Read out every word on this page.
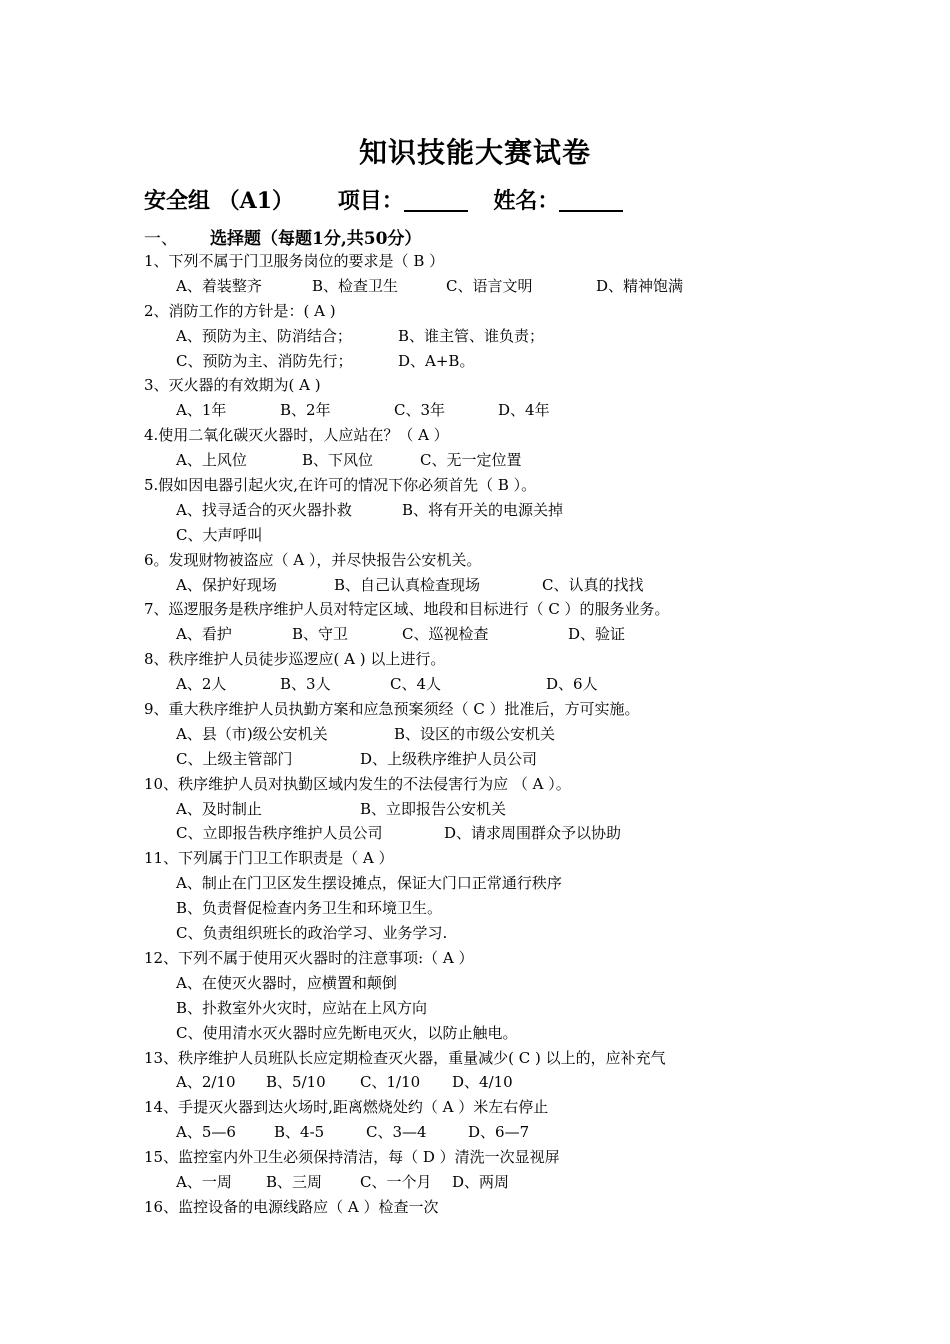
知识技能大赛试卷
安全组 （A1） 项目：	姓名：
一、 选择题（每题1分,共50分）
1、下列不属于门卫服务岗位的要求是（ B ）
A、着装整齐	B、检查卫生	C、语言文明	D、精神饱满
2、消防工作的方针是：( A )
A、预防为主、防消结合；	B、谁主管、谁负责；
C、预防为主、消防先行；	D、A+B。
3、灭火器的有效期为( A )
A、1年	B、2年	C、3年	D、4年
4.使用二氧化碳灭火器时，人应站在？（ A ）
A、上风位	B、下风位	C、无一定位置
5.假如因电器引起火灾,在许可的情况下你必须首先（ B ）。
A、找寻适合的灭火器扑救	B、将有开关的电源关掉
C、大声呼叫
6。发现财物被盗应（ A ），并尽快报告公安机关。
A、保护好现场	B、自己认真检查现场	C、认真的找找
7、巡逻服务是秩序维护人员对特定区域、地段和目标进行（ C ）的服务业务。
A、看护	B、守卫	C、巡视检查	D、验证
8、秩序维护人员徒步巡逻应( A ) 以上进行。
A、2人	B、3人	C、4人	D、6人
9、重大秩序维护人员执勤方案和应急预案须经（ C ）批准后，方可实施。
A、县（市)级公安机关	B、设区的市级公安机关
C、上级主管部门	D、上级秩序维护人员公司
10、秩序维护人员对执勤区域内发生的不法侵害行为应 （ A ）。
A、及时制止	B、立即报告公安机关
C、立即报告秩序维护人员公司	D、请求周围群众予以协助
11、下列属于门卫工作职责是（ A ）
A、制止在门卫区发生摆设摊点，保证大门口正常通行秩序
B、负责督促检查内务卫生和环境卫生。
C、负责组织班长的政治学习、业务学习.
12、下列不属于使用灭火器时的注意事项:（ A ）
A、在使灭火器时，应横置和颠倒
B、扑救室外火灾时，应站在上风方向
C、使用清水灭火器时应先断电灭火，以防止触电。
13、秩序维护人员班队长应定期检查灭火器，重量减少( C ) 以上的，应补充气
A、2/10 B、5/10 C、1/10 D、4/10
14、手提灭火器到达火场时,距离燃烧处约（ A ）米左右停止
A、5—6	B、4-5	C、3—4	D、6—7
15、监控室内外卫生必须保持清洁，每（ D ）清洗一次显视屏
A、一周 B、三周	C、一个月 D、两周
16、监控设备的电源线路应（ A ）检查一次
